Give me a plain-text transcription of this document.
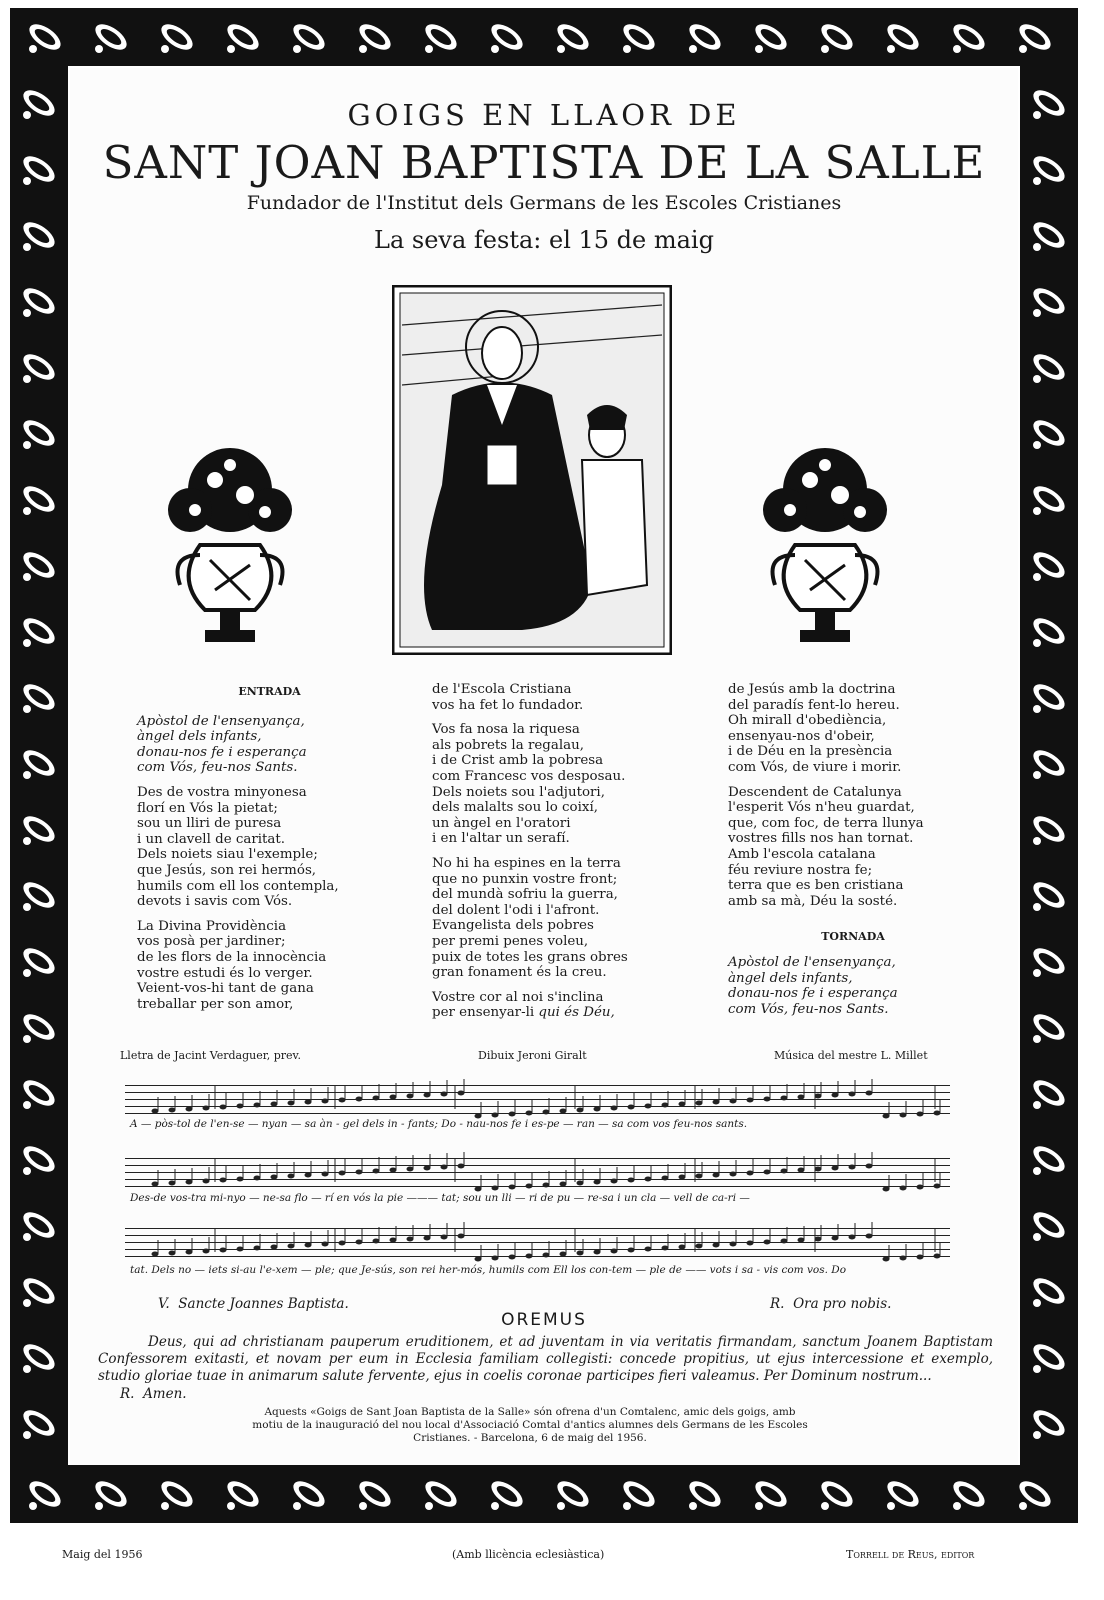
GOIGS EN LLAOR DE
SANT JOAN BAPTISTA DE LA SALLE
Fundador de l'Institut dels Germans de les Escoles Cristianes
La seva festa: el 15 de maig
ENTRADA

Apòstol de l'ensenyança,
àngel dels infants,
donau-nos fe i esperança
com Vós, feu-nos Sants.

Des de vostra minyonesa
florí en Vós la pietat;
sou un lliri de puresa
i un clavell de caritat.
Dels noiets siau l'exemple;
que Jesús, son rei hermós,
humils com ell los contempla,
devots i savis com Vós.

La Divina Providència
vos posà per jardiner;
de les flors de la innocència
vostre estudi és lo verger.
Veient-vos-hi tant de gana
treballar per son amor,

de l'Escola Cristiana
vos ha fet lo fundador.

Vos fa nosa la riquesa
als pobrets la regalau,
i de Crist amb la pobresa
com Francesc vos desposau.
Dels noiets sou l'adjutori,
dels malalts sou lo coixí,
un àngel en l'oratori
i en l'altar un serafí.

No hi ha espines en la terra
que no punxin vostre front;
del mundà sofriu la guerra,
del dolent l'odi i l'afront.
Evangelista dels pobres
per premi penes voleu,
puix de totes les grans obres
gran fonament és la creu.

Vostre cor al noi s'inclina

per ensenyar-li qui és Déu,

de Jesús amb la doctrina
del paradís fent-lo hereu.
Oh mirall d'obediència,
ensenyau-nos d'obeir,
i de Déu en la presència
com Vós, de viure i morir.

Descendent de Catalunya
l'esperit Vós n'heu guardat,
que, com foc, de terra llunya
vostres fills nos han tornat.
Amb l'escola catalana
féu reviure nostra fe;
terra que es ben cristiana
amb sa mà, Déu la sosté.

TORNADA

Apòstol de l'ensenyança,
àngel dels infants,
donau-nos fe i esperança
com Vós, feu-nos Sants.

Lletra de Jacint Verdaguer, prev.	Dibuix Jeroni Giralt	Música del mestre L. Millet
A — pòs-tol de l'en-se — nyan — sa àn - gel dels in - fants; Do - nau-nos fe i es-pe — ran — sa com vos feu-nos sants.
Des-de vos-tra mi-nyo — ne-sa flo — rí en vós la pie ——— tat; sou un lli — ri de pu — re-sa i un cla — vell de ca-ri —
tat. Dels no — iets si-au l'e-xem — ple; que Je-sús, son rei her-mós, humils com Ell los con-tem — ple de —— vots i sa - vis com vos. Do
V. Sancte Joannes Baptista.	R. Ora pro nobis.
OREMUS
Deus, qui ad christianam pauperum eruditionem, et ad juventam in via veritatis firmandam, sanctum Joanem Baptistam Confessorem exitasti, et novam per eum in Ecclesia familiam collegisti: concede propitius, ut ejus intercessione et exemplo, studio gloriae tuae in animarum salute fervente, ejus in coelis coronae participes fieri valeamus. Per Dominum nostrum...
R. Amen.
Aquests «Goigs de Sant Joan Baptista de la Salle» són ofrena d'un Comtalenc, amic dels goigs, amb motiu de la inauguració del nou local d'Associació Comtal d'antics alumnes dels Germans de les Escoles Cristianes. - Barcelona, 6 de maig del 1956.
Maig del 1956	(Amb llicència eclesiàstica)	Torrell de Reus, editor
